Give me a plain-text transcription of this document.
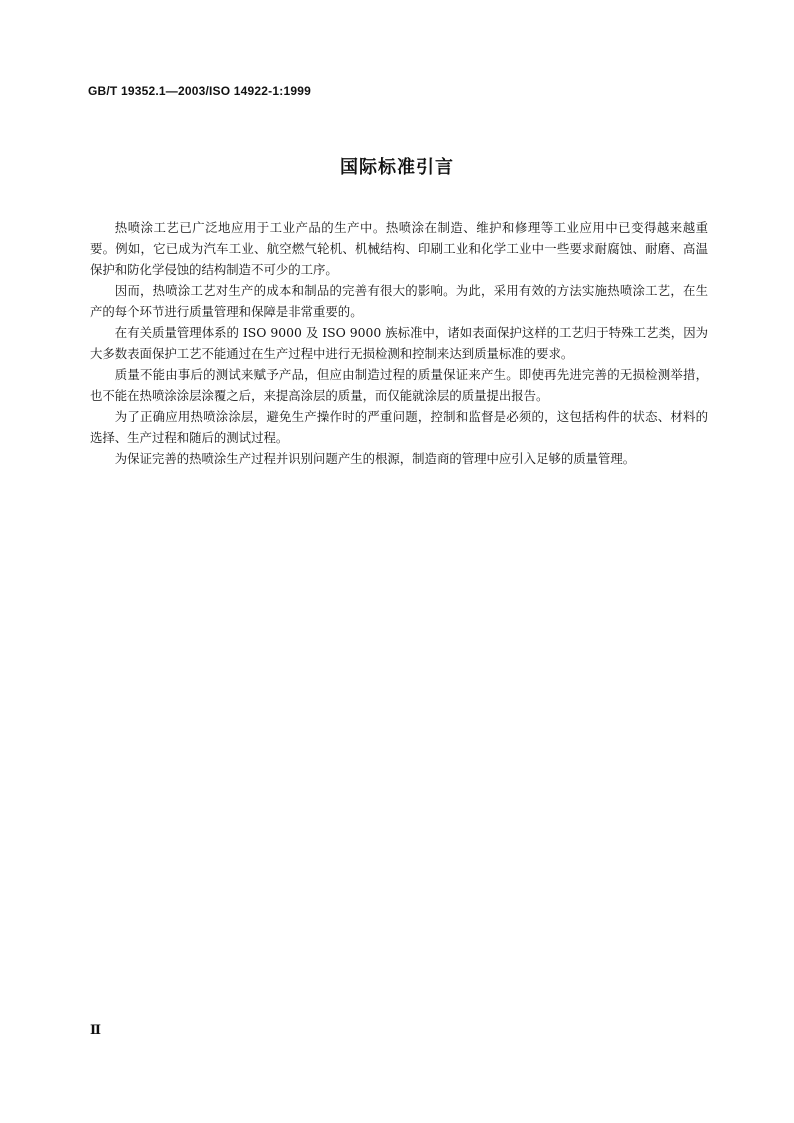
GB/T 19352.1—2003/ISO 14922-1:1999
国际标准引言

热喷涂工艺已广泛地应用于工业产品的生产中。热喷涂在制造、维护和修理等工业应用中已变得越来越重要。例如，它已成为汽车工业、航空燃气轮机、机械结构、印刷工业和化学工业中一些要求耐腐蚀、耐磨、高温保护和防化学侵蚀的结构制造不可少的工序。

因而，热喷涂工艺对生产的成本和制品的完善有很大的影响。为此，采用有效的方法实施热喷涂工艺，在生产的每个环节进行质量管理和保障是非常重要的。

在有关质量管理体系的 ISO 9000 及 ISO 9000 族标准中，诸如表面保护这样的工艺归于特殊工艺类，因为大多数表面保护工艺不能通过在生产过程中进行无损检测和控制来达到质量标准的要求。

质量不能由事后的测试来赋予产品，但应由制造过程的质量保证来产生。即使再先进完善的无损检测举措，也不能在热喷涂涂层涂覆之后，来提高涂层的质量，而仅能就涂层的质量提出报告。

为了正确应用热喷涂涂层，避免生产操作时的严重问题，控制和监督是必须的，这包括构件的状态、材料的选择、生产过程和随后的测试过程。

为保证完善的热喷涂生产过程并识别问题产生的根源，制造商的管理中应引入足够的质量管理。

Ⅱ
